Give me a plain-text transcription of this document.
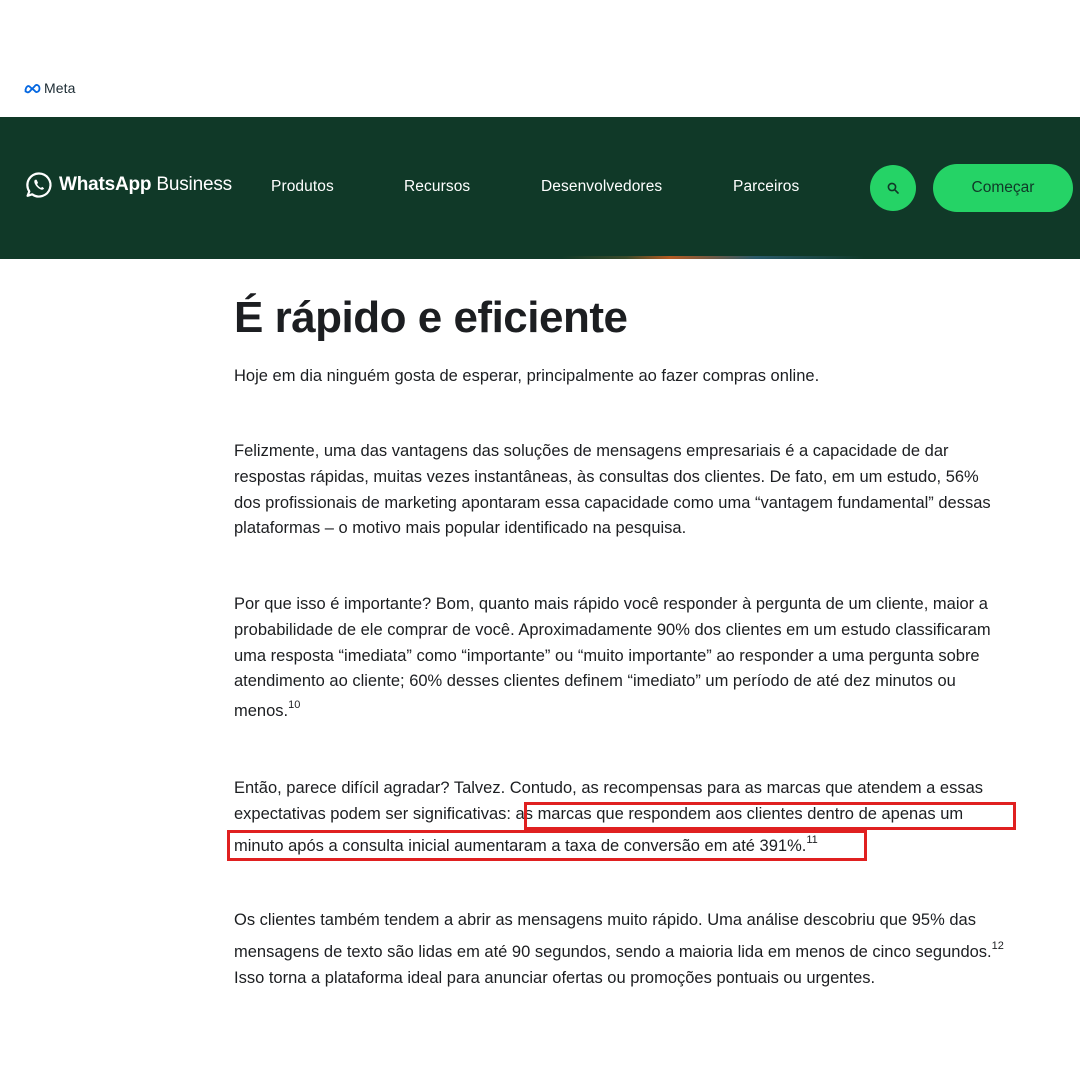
Meta
WhatsApp Business	Produtos	Recursos	Desenvolvedores	Parceiros	Começar
É rápido e eficiente
Hoje em dia ninguém gosta de esperar, principalmente ao fazer compras online.
Felizmente, uma das vantagens das soluções de mensagens empresariais é a capacidade de dar
respostas rápidas, muitas vezes instantâneas, às consultas dos clientes. De fato, em um estudo, 56%
dos profissionais de marketing apontaram essa capacidade como uma “vantagem fundamental” dessas
plataformas – o motivo mais popular identificado na pesquisa.
Por que isso é importante? Bom, quanto mais rápido você responder à pergunta de um cliente, maior a
probabilidade de ele comprar de você. Aproximadamente 90% dos clientes em um estudo classificaram
uma resposta “imediata” como “importante” ou “muito importante” ao responder a uma pergunta sobre
atendimento ao cliente; 60% desses clientes definem “imediato” um período de até dez minutos ou
menos.$^{10}$
Então, parece difícil agradar? Talvez. Contudo, as recompensas para as marcas que atendem a essas
expectativas podem ser significativas: as marcas que respondem aos clientes dentro de apenas um
minuto após a consulta inicial aumentaram a taxa de conversão em até 391%.$^{11}$
Os clientes também tendem a abrir as mensagens muito rápido. Uma análise descobriu que 95% das
mensagens de texto são lidas em até 90 segundos, sendo a maioria lida em menos de cinco segundos.$^{12}$
Isso torna a plataforma ideal para anunciar ofertas ou promoções pontuais ou urgentes.
